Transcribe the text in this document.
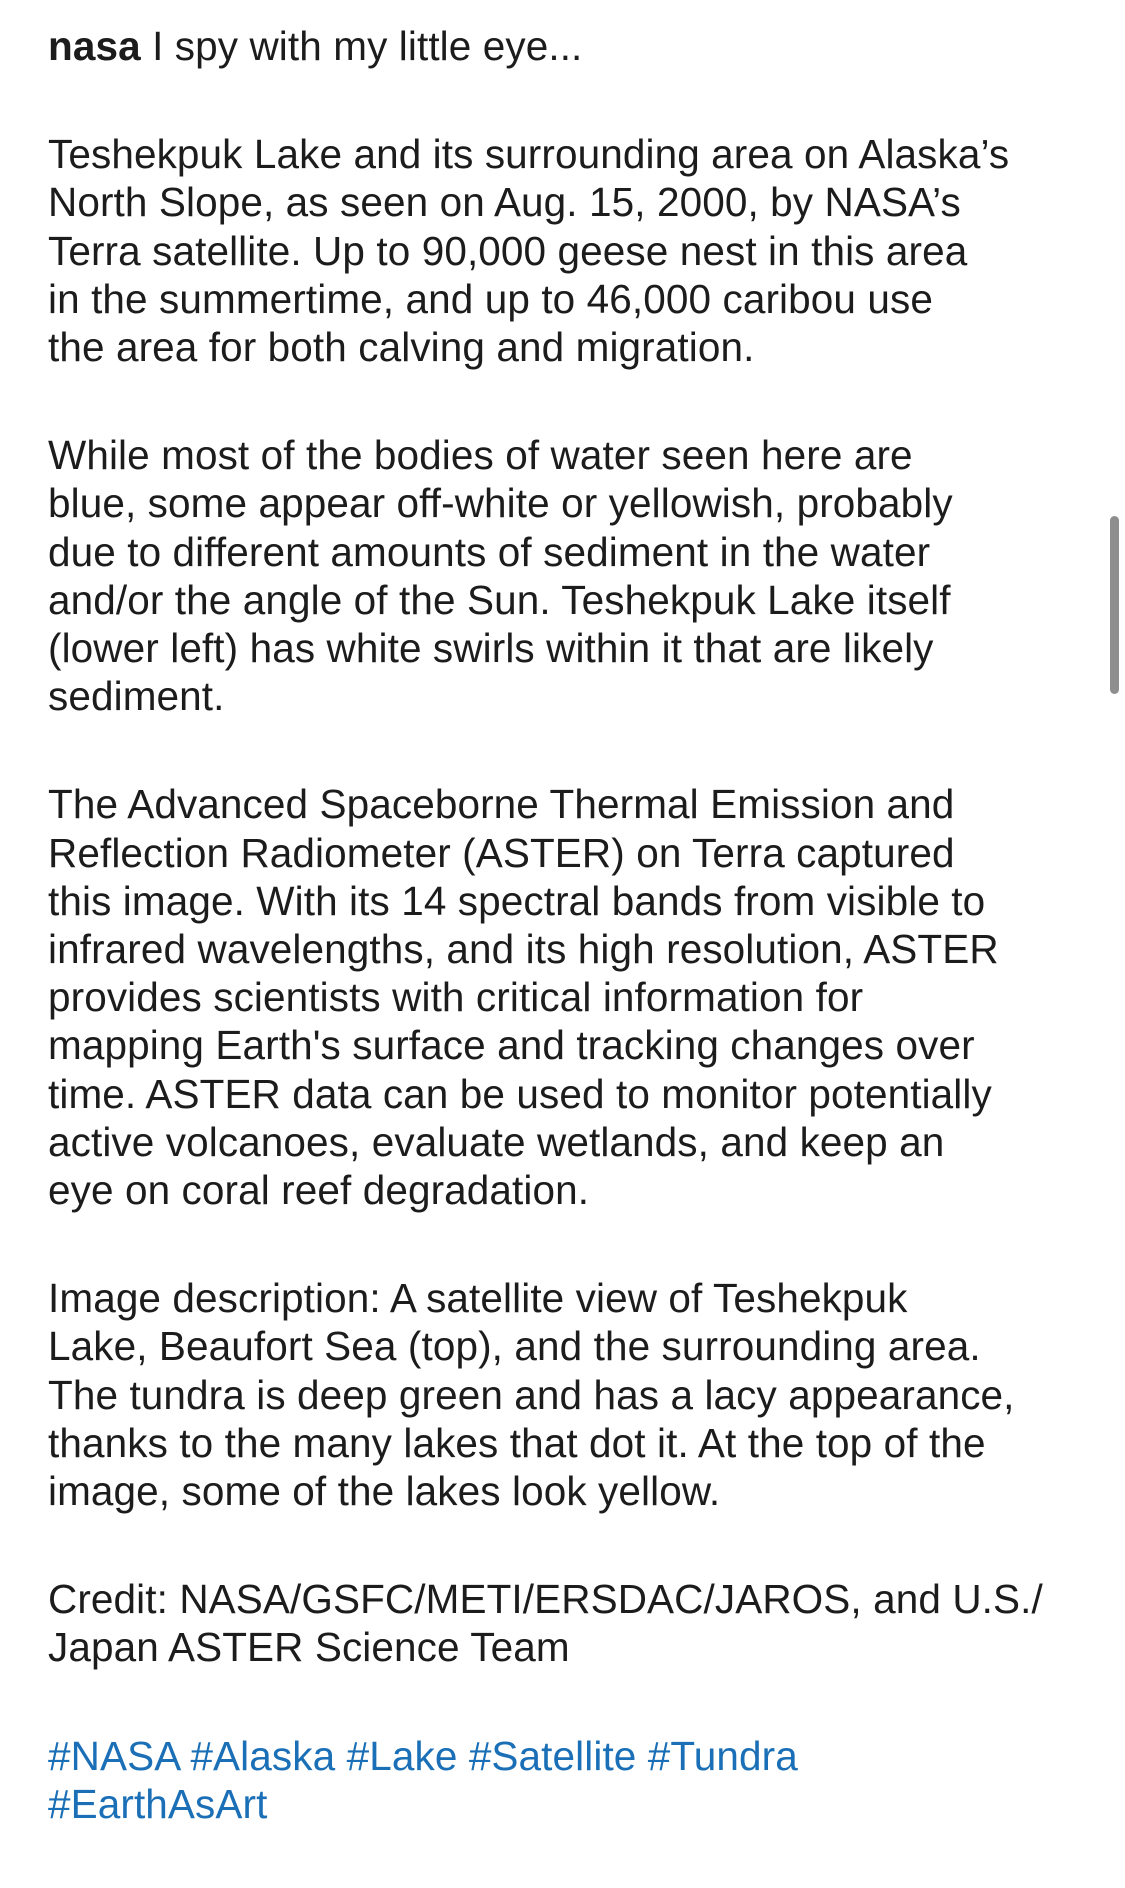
nasa I spy with my little eye...

Teshekpuk Lake and its surrounding area on Alaska’s
North Slope, as seen on Aug. 15, 2000, by NASA’s
Terra satellite. Up to 90,000 geese nest in this area
in the summertime, and up to 46,000 caribou use
the area for both calving and migration.

While most of the bodies of water seen here are
blue, some appear off-white or yellowish, probably
due to different amounts of sediment in the water
and/or the angle of the Sun. Teshekpuk Lake itself
(lower left) has white swirls within it that are likely
sediment.

The Advanced Spaceborne Thermal Emission and
Reflection Radiometer (ASTER) on Terra captured
this image. With its 14 spectral bands from visible to
infrared wavelengths, and its high resolution, ASTER
provides scientists with critical information for
mapping Earth's surface and tracking changes over
time. ASTER data can be used to monitor potentially
active volcanoes, evaluate wetlands, and keep an
eye on coral reef degradation.

Image description: A satellite view of Teshekpuk
Lake, Beaufort Sea (top), and the surrounding area.
The tundra is deep green and has a lacy appearance,
thanks to the many lakes that dot it. At the top of the
image, some of the lakes look yellow.

Credit: NASA/GSFC/METI/ERSDAC/JAROS, and U.S./
Japan ASTER Science Team

#NASA #Alaska #Lake #Satellite #Tundra
#EarthAsArt
